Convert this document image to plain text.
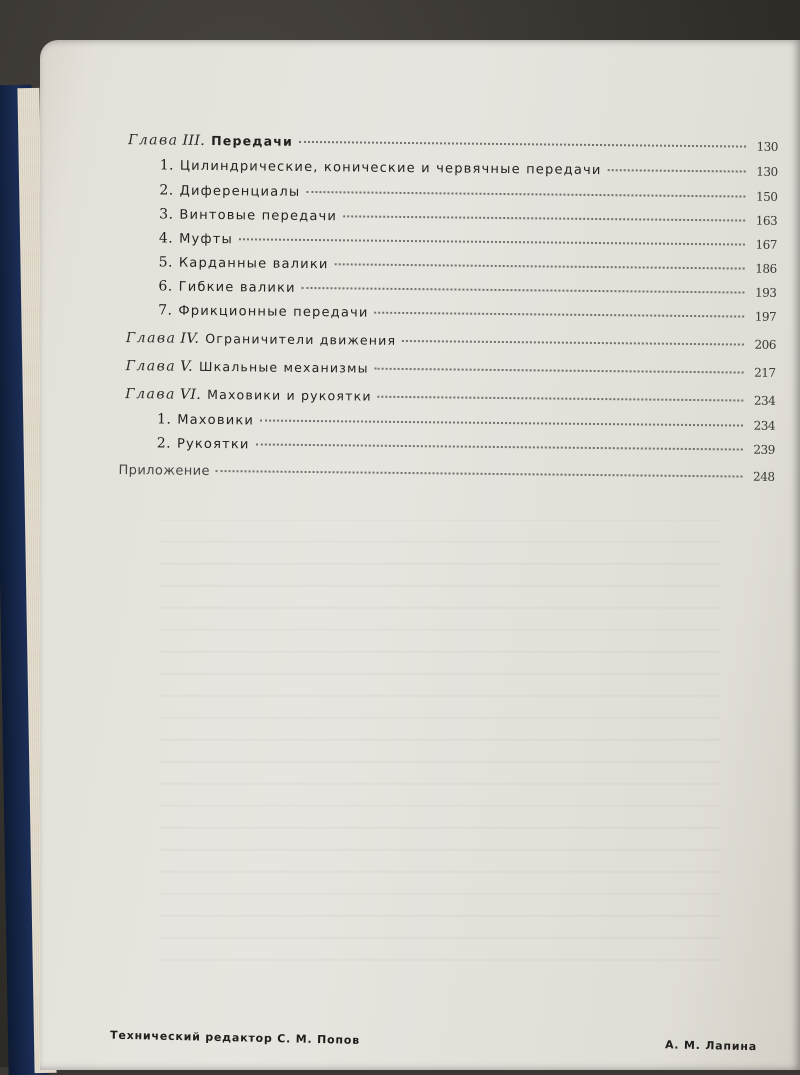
Глава III. Передачи	130
1. Цилиндрические, конические и червячные передачи	130
2. Диференциалы	150
3. Винтовые передачи	163
4. Муфты	167
5. Карданные валики	186
6. Гибкие валики	193
7. Фрикционные передачи	197
Глава IV. Ограничители движения	206
Глава V. Шкальные механизмы	217
Глава VI. Маховики и рукоятки	234
1. Маховики	234
2. Рукоятки	239
Приложение	248
Технический редактор С. М. Попов	А. М. Лапина
